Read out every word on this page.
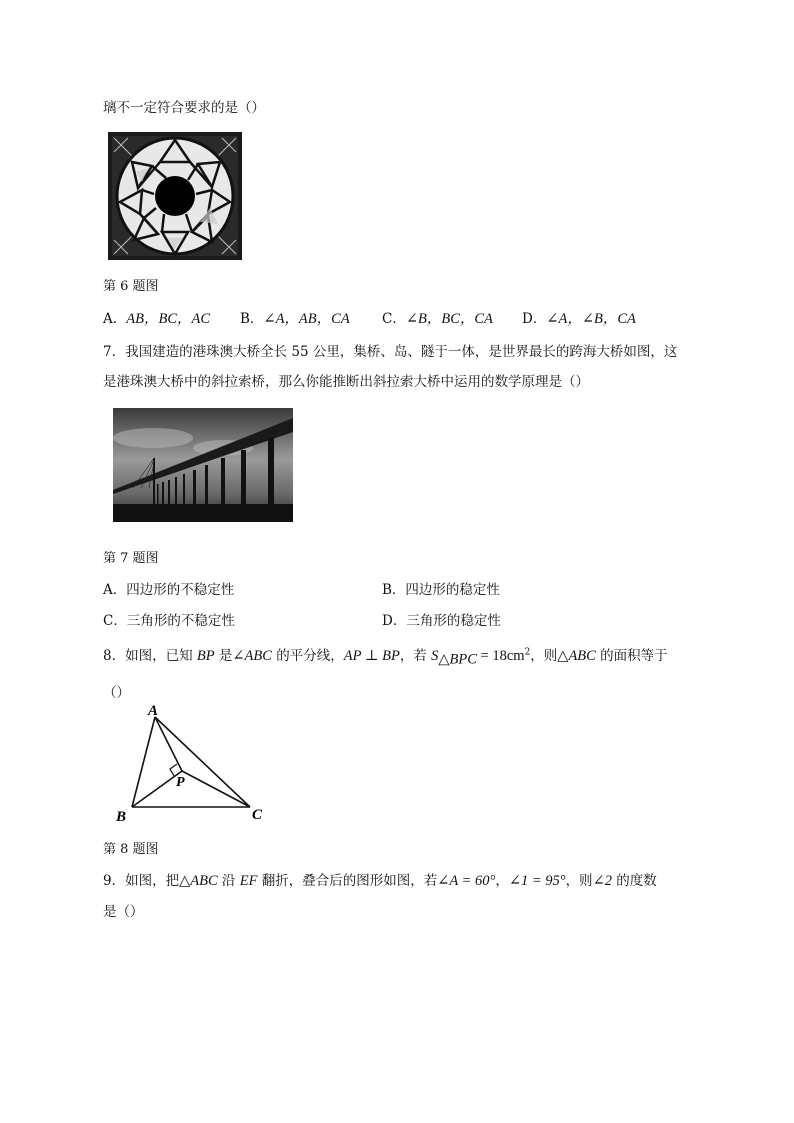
璃不一定符合要求的是（）
第 6 题图
A．AB，BC，AC B．∠A，AB，CA C．∠B，BC，CA D．∠A，∠B，CA
7．我国建造的港珠澳大桥全长 55 公里，集桥、岛、隧于一体，是世界最长的跨海大桥如图，这
是港珠澳大桥中的斜拉索桥，那么你能推断出斜拉索大桥中运用的数学原理是（）
第 7 题图
A．四边形的不稳定性	B．四边形的稳定性
C．三角形的不稳定性	D．三角形的稳定性
8．如图，已知 BP 是∠ABC 的平分线，AP ⊥ BP，若 $S_{\triangle BPC} = 18cm^2$，则△ABC 的面积等于
（）
A
B	C
P
第 8 题图
9．如图，把△ABC 沿 EF 翻折，叠合后的图形如图，若∠A = 60°，∠1 = 95°，则∠2 的度数
是（）
